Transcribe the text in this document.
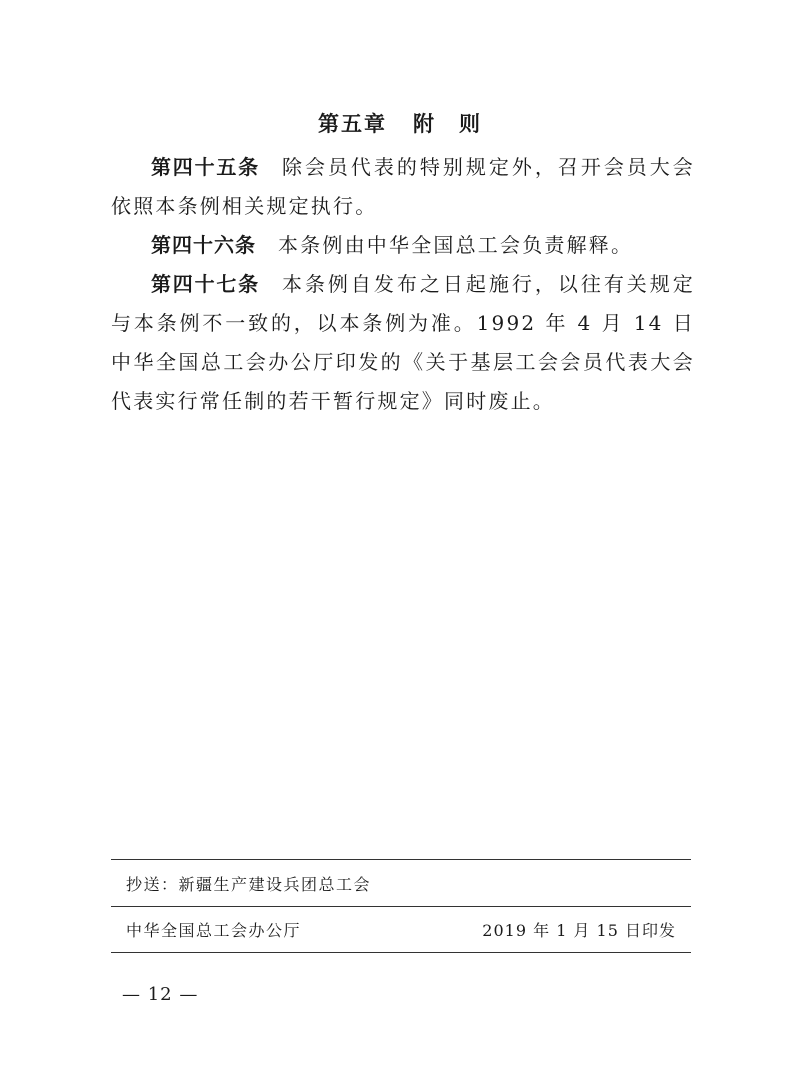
第五章 附　则

第四十五条 除会员代表的特别规定外，召开会员大会依照本条例相关规定执行。

第四十六条 本条例由中华全国总工会负责解释。

第四十七条 本条例自发布之日起施行，以往有关规定与本条例不一致的，以本条例为准。1992 年 4 月 14 日中华全国总工会办公厅印发的《关于基层工会会员代表大会代表实行常任制的若干暂行规定》同时废止。

抄送：新疆生产建设兵团总工会
中华全国总工会办公厅	2019 年 1 月 15 日印发
— 12 —
